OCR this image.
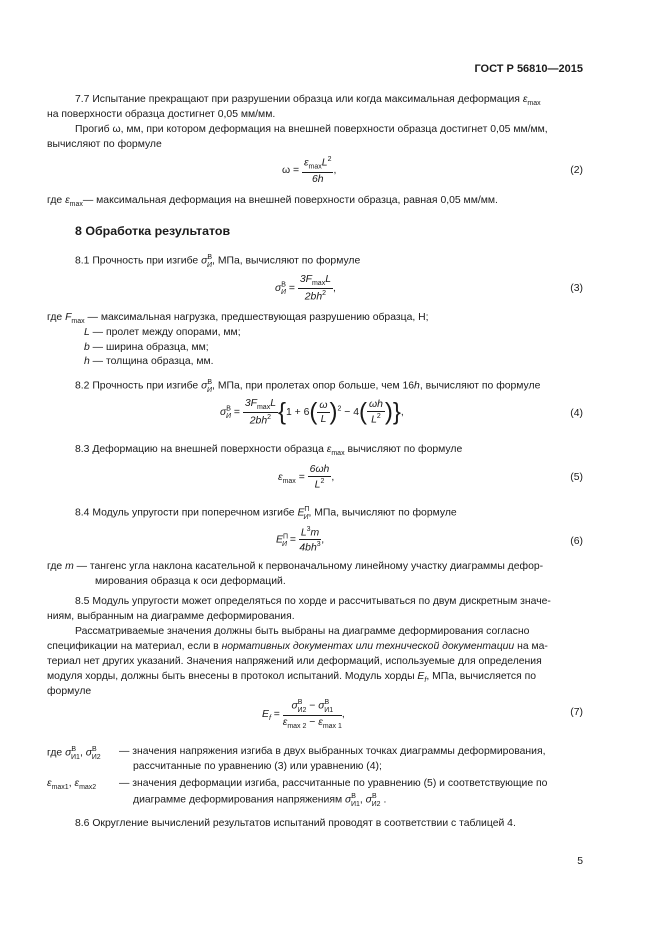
ГОСТ Р 56810—2015
7.7 Испытание прекращают при разрушении образца или когда максимальная деформация $\varepsilon_{max}$
на поверхности образца достигнет 0,05 мм/мм.
Прогиб ω, мм, при котором деформация на внешней поверхности образца достигнет 0,05 мм/мм,
вычисляют по формуле
$\omega = \frac{\varepsilon_{max}L^2}{6h}$ ,	(2)
где $\varepsilon_{max}—$ максимальная деформация на внешней поверхности образца, равная 0,05 мм/мм.
8 Обработка результатов
8.1 Прочность при изгибе $\sigma^В_И$, МПа, вычисляют по формуле
$\sigma^В_И = \frac{3F_{max}L}{2bh^2}$ ,	(3)
где $F_{max}$ — максимальная нагрузка, предшествующая разрушению образца, Н;
L — пролет между опорами, мм;
b — ширина образца, мм;
h — толщина образца, мм.
8.2 Прочность при изгибе $\sigma^В_И$, МПа, при пролетах опор больше, чем 16h, вычисляют по формуле
$\sigma^В_И = \frac{3F_{max}L}{2bh^2} \{1 + 6( \frac{\omega}{L} )^2 - 4( \frac{\omega h}{L^2}$ )},	(4)
8.3 Деформацию на внешней поверхности образца $\varepsilon_{max}$ вычисляют по формуле
$\varepsilon_{max} = \frac{6\omega h}{L^2}$ ,	(5)
8.4 Модуль упругости при поперечном изгибе $E^П_И$, МПа, вычисляют по формуле
$E^П_И = \frac{L^3m}{4bh^3}$ ,	(6)
где m — тангенс угла наклона касательной к первоначальному линейному участку диаграммы дефор-
мирования образца к оси деформаций.
8.5 Модуль упругости может определяться по хорде и рассчитываться по двум дискретным значе-
ниям, выбранным на диаграмме деформирования.
Рассматриваемые значения должны быть выбраны на диаграмме деформирования согласно
спецификации на материал, если в нормативных документах или технической документации на ма-
териал нет других указаний. Значения напряжений или деформаций, используемые для определения
модуля хорды, должны быть внесены в протокол испытаний. Модуль хорды $E_f$, МПа, вычисляется по
формуле
$E_f = \frac{\sigma^В_{И2} - \sigma^В_{И1}}{\varepsilon_{max 2} - \varepsilon_{max 1}}$ ,	(7)
где $\sigma^В_{И1}$, $\sigma^В_{И2}$
— значения напряжения изгиба в двух выбранных точках диаграммы деформирования,
рассчитанные по уравнению (3) или уравнению (4);
$\varepsilon_{max1}$, $\varepsilon_{max2}$ — значения деформации изгиба, рассчитанные по уравнению (5) и соответствующие по
диаграмме деформирования напряжениям $\sigma^В_{И1}$, $\sigma^В_{И2}$ .
8.6 Округление вычислений результатов испытаний проводят в соответствии с таблицей 4.
5
